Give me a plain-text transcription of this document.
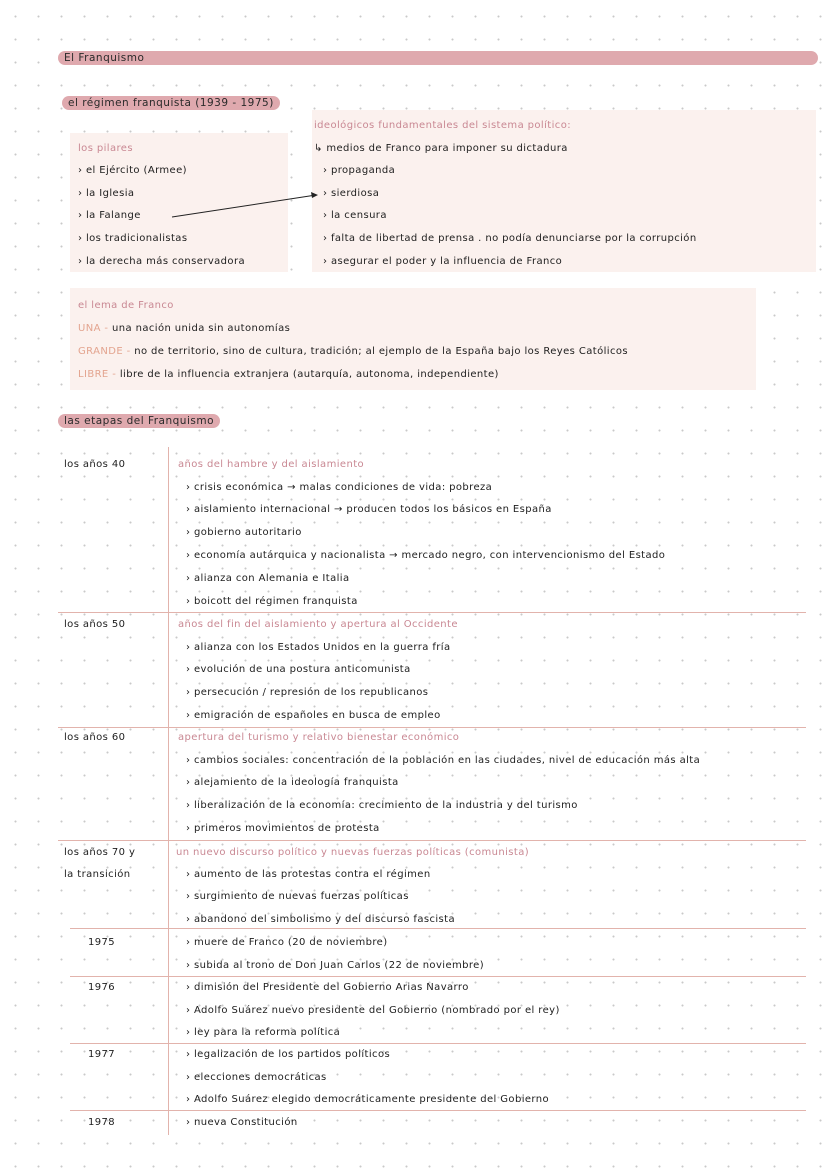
El Franquismo
el régimen franquista (1939 - 1975)
los pilares
› el Ejército (Armee)
› la Iglesia
› la Falange
› los tradicionalistas
› la derecha más conservadora
ideológicos fundamentales del sistema político:
↳ medios de Franco para imponer su dictadura
› propaganda
› sierdiosa
› la censura
› falta de libertad de prensa . no podía denunciarse por la corrupción
› asegurar el poder y la influencia de Franco
el lema de Franco
UNA - una nación unida sin autonomías
GRANDE - no de territorio, sino de cultura, tradición; al ejemplo de la España bajo los Reyes Católicos
LIBRE - libre de la influencia extranjera (autarquía, autonoma, independiente)
las etapas del Franquismo
los años 40	años del hambre y del aislamiento
› crisis económica → malas condiciones de vida: pobreza
› aislamiento internacional → producen todos los básicos en España
› gobierno autoritario
› economía autárquica y nacionalista → mercado negro, con intervencionismo del Estado
› alianza con Alemania e Italia
› boicott del régimen franquista
los años 50	años del fin del aislamiento y apertura al Occidente
› alianza con los Estados Unidos en la guerra fría
› evolución de una postura anticomunista
› persecución / represión de los republicanos
› emigración de españoles en busca de empleo
los años 60	apertura del turismo y relativo bienestar económico
› cambios sociales: concentración de la población en las ciudades, nivel de educación más alta
› alejamiento de la ideología franquista
› liberalización de la economía: crecimiento de la industria y del turismo
› primeros movimientos de protesta
los años 70 y
la transición
un nuevo discurso político y nuevas fuerzas políticas (comunista)
› aumento de las protestas contra el régimen
› surgimiento de nuevas fuerzas políticas
› abandono del simbolismo y del discurso fascista
1975	› muere de Franco (20 de noviembre)
› subida al trono de Don Juan Carlos (22 de noviembre)
1976	› dimisión del Presidente del Gobierno Arias Navarro
› Adolfo Suárez nuevo presidente del Gobierno (nombrado por el rey)
› ley para la reforma política
1977	› legalización de los partidos políticos
› elecciones democráticas
› Adolfo Suárez elegido democráticamente presidente del Gobierno
1978	› nueva Constitución
